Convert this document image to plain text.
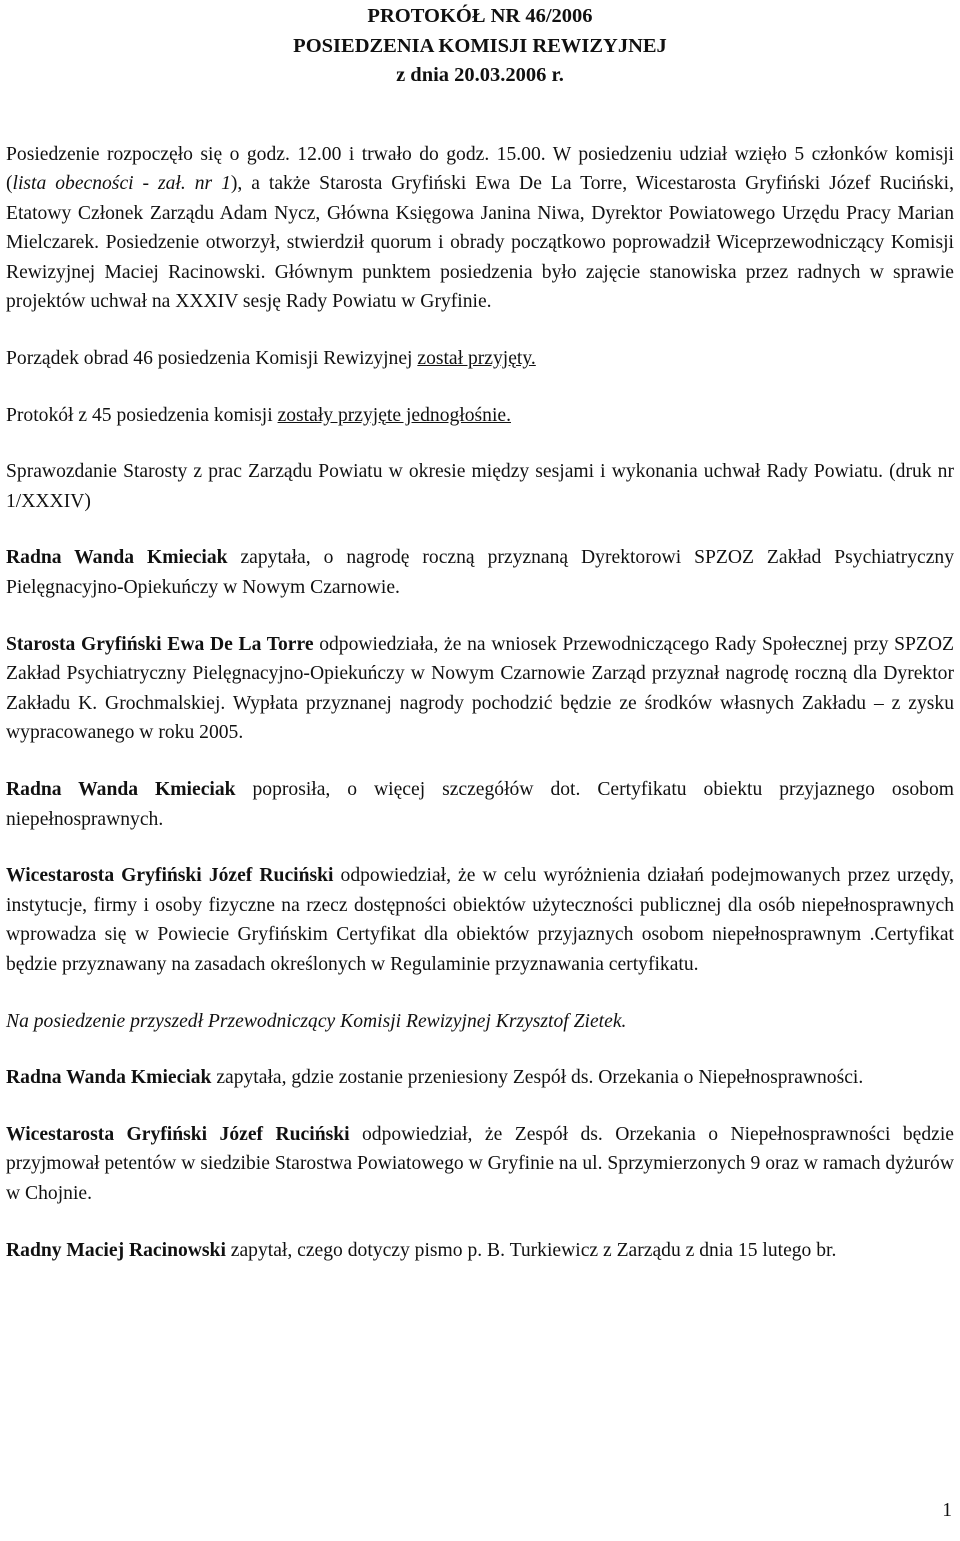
PROTOKÓŁ NR 46/2006
POSIEDZENIA KOMISJI REWIZYJNEJ
z dnia 20.03.2006 r.

Posiedzenie rozpoczęło się o godz. 12.00 i trwało do godz. 15.00. W posiedzeniu udział wzięło 5 członków komisji (lista obecności - zał. nr 1), a także Starosta Gryfiński Ewa De La Torre, Wicestarosta Gryfiński Józef Ruciński, Etatowy Członek Zarządu Adam Nycz, Główna Księgowa Janina Niwa, Dyrektor Powiatowego Urzędu Pracy Marian Mielczarek. Posiedzenie otworzył, stwierdził quorum i obrady początkowo poprowadził Wiceprzewodniczący Komisji Rewizyjnej Maciej Racinowski. Głównym punktem posiedzenia było zajęcie stanowiska przez radnych w sprawie projektów uchwał na XXXIV sesję Rady Powiatu w Gryfinie.

Porządek obrad 46 posiedzenia Komisji Rewizyjnej został przyjęty.

Protokół z 45 posiedzenia komisji zostały przyjęte jednogłośnie.

Sprawozdanie Starosty z prac Zarządu Powiatu w okresie między sesjami i wykonania uchwał Rady Powiatu. (druk nr 1/XXXIV)

Radna Wanda Kmieciak zapytała, o nagrodę roczną przyznaną Dyrektorowi SPZOZ Zakład Psychiatryczny Pielęgnacyjno-Opiekuńczy w Nowym Czarnowie.

Starosta Gryfiński Ewa De La Torre odpowiedziała, że na wniosek Przewodniczącego Rady Społecznej przy SPZOZ Zakład Psychiatryczny Pielęgnacyjno-Opiekuńczy w Nowym Czarnowie Zarząd przyznał nagrodę roczną dla Dyrektor Zakładu K. Grochmalskiej. Wypłata przyznanej nagrody pochodzić będzie ze środków własnych Zakładu – z zysku wypracowanego w roku 2005.

Radna Wanda Kmieciak poprosiła, o więcej szczegółów dot. Certyfikatu obiektu przyjaznego osobom niepełnosprawnych.

Wicestarosta Gryfiński Józef Ruciński odpowiedział, że w celu wyróżnienia działań podejmowanych przez urzędy, instytucje, firmy i osoby fizyczne na rzecz dostępności obiektów użyteczności publicznej dla osób niepełnosprawnych wprowadza się w Powiecie Gryfińskim Certyfikat dla obiektów przyjaznych osobom niepełnosprawnym .Certyfikat będzie przyznawany na zasadach określonych w Regulaminie przyznawania certyfikatu.

Na posiedzenie przyszedł Przewodniczący Komisji Rewizyjnej Krzysztof Zietek.

Radna Wanda Kmieciak zapytała, gdzie zostanie przeniesiony Zespół ds. Orzekania o Niepełnosprawności.

Wicestarosta Gryfiński Józef Ruciński odpowiedział, że Zespół ds. Orzekania o Niepełnosprawności będzie przyjmował petentów w siedzibie Starostwa Powiatowego w Gryfinie na ul. Sprzymierzonych 9 oraz w ramach dyżurów w Chojnie.

Radny Maciej Racinowski zapytał, czego dotyczy pismo p. B. Turkiewicz z Zarządu z dnia 15 lutego br.

1
